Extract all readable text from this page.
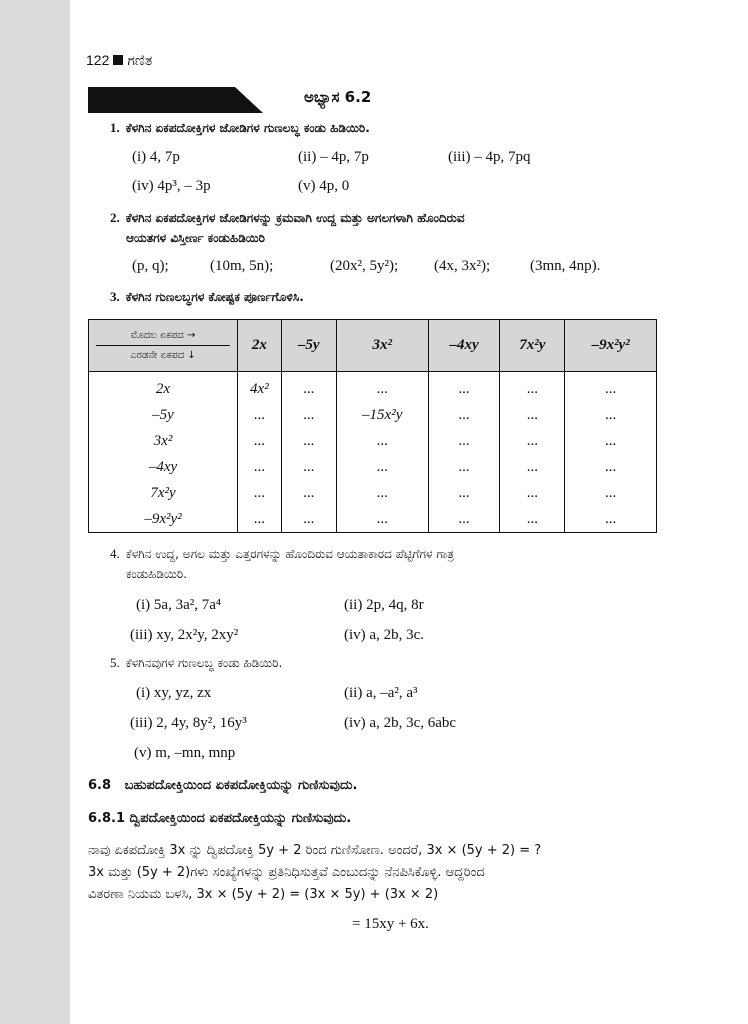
122 ಗಣಿತ
ಅಭ್ಯಾಸ 6.2
1. ಕೆಳಗಿನ ಏಕಪದೋಕ್ತಿಗಳ ಜೋಡಿಗಳ ಗುಣಲಬ್ಧ ಕಂಡು ಹಿಡಿಯಿರಿ.
(i) 4, 7p	(ii) – 4p, 7p	(iii) – 4p, 7pq
(iv) 4p³, – 3p	(v) 4p, 0
2. ಕೆಳಗಿನ ಏಕಪದೋಕ್ತಿಗಳ ಜೋಡಿಗಳನ್ನು ಕ್ರಮವಾಗಿ ಉದ್ದ ಮತ್ತು ಅಗಲಗಳಾಗಿ ಹೊಂದಿರುವ
ಆಯತಗಳ ವಿಸ್ತೀರ್ಣ ಕಂಡುಹಿಡಿಯಿರಿ
(p, q);	(10m, 5n);	(20x², 5y²); (4x, 3x²);	(3mn, 4np).
3. ಕೆಳಗಿನ ಗುಣಲಬ್ಧಗಳ ಕೋಷ್ಟಕ ಪೂರ್ಣಗೊಳಿಸಿ.
ಮೊದಲ ಏಕಪದ →
ಎರಡನೇ ಏಕಪದ ↓	2x	–5y	3x²	–4xy	7x²y	–9x²y²
2x	4x²	...	...	...	...	...
–5y	...	...	–15x²y	...	...	...
3x²	...	...	...	...	...	...
–4xy	...	...	...	...	...	...
7x²y	...	...	...	...	...	...
–9x²y²	...	...	...	...	...	...
4. ಕೆಳಗಿನ ಉದ್ದ, ಅಗಲ ಮತ್ತು ಎತ್ತರಗಳನ್ನು ಹೊಂದಿರುವ ಆಯತಾಕಾರದ ಪೆಟ್ಟಿಗೆಗಳ ಗಾತ್ರ
ಕಂಡುಹಿಡಿಯಿರಿ.
(i) 5a, 3a², 7a⁴	(ii) 2p, 4q, 8r
(iii) xy, 2x²y, 2xy²	(iv) a, 2b, 3c.
5. ಕೆಳಗಿನವುಗಳ ಗುಣಲಬ್ಧ ಕಂಡು ಹಿಡಿಯಿರಿ.
(i) xy, yz, zx	(ii) a, –a², a³
(iii) 2, 4y, 8y², 16y³	(iv) a, 2b, 3c, 6abc
(v) m, –mn, mnp
6.8 ಬಹುಪದೋಕ್ತಿಯಿಂದ ಏಕಪದೋಕ್ತಿಯನ್ನು ಗುಣಿಸುವುದು.
6.8.1 ದ್ವಿಪದೋಕ್ತಿಯಿಂದ ಏಕಪದೋಕ್ತಿಯನ್ನು ಗುಣಿಸುವುದು.
ನಾವು ಏಕಪದೋಕ್ತಿ 3x ನ್ನು ದ್ವಿಪದೋಕ್ತಿ 5y + 2 ರಿಂದ ಗುಣಿಸೋಣ. ಅಂದರೆ, 3x × (5y + 2) = ?
3x ಮತ್ತು (5y + 2)ಗಳು ಸಂಖ್ಯೆಗಳನ್ನು ಪ್ರತಿನಿಧಿಸುತ್ತವೆ ಎಂಬುದನ್ನು ನೆನಪಿಸಿಕೊಳ್ಳಿ. ಆದ್ದರಿಂದ
ವಿತರಣಾ ನಿಯಮ ಬಳಸಿ, 3x × (5y + 2) = (3x × 5y) + (3x × 2)
= 15xy + 6x.
